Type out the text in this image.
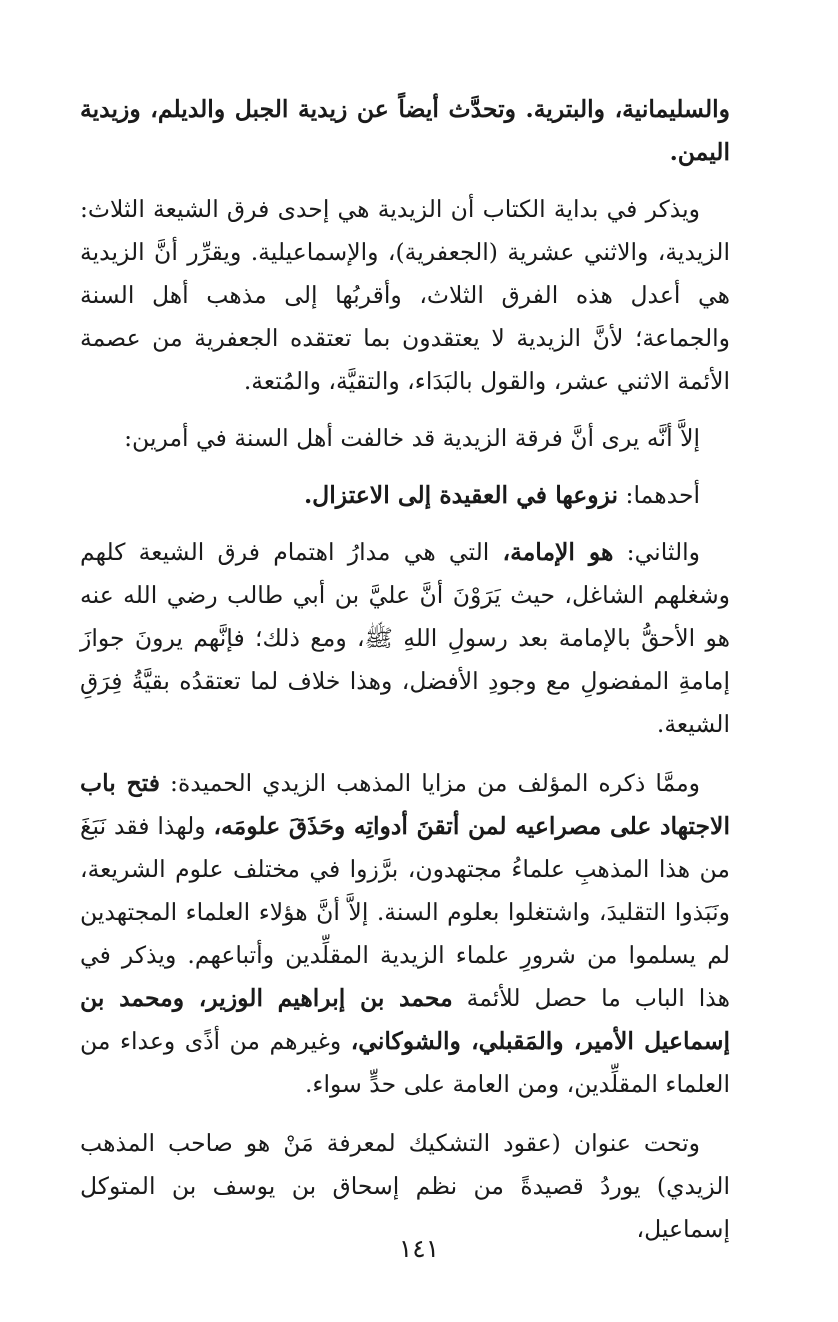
والسليمانية، والبترية. وتحدَّث أيضاً عن زيدية الجبل والديلم، وزيدية اليمن.

ويذكر في بداية الكتاب أن الزيدية هي إحدى فرق الشيعة الثلاث: الزيدية، والاثني عشرية (الجعفرية)، والإسماعيلية. ويقرِّر أنَّ الزيدية هي أعدل هذه الفرق الثلاث، وأقربُها إلى مذهب أهل السنة والجماعة؛ لأنَّ الزيدية لا يعتقدون بما تعتقده الجعفرية من عصمة الأئمة الاثني عشر، والقول بالبَدَاء، والتقيَّة، والمُتعة.

إلاَّ أنَّه يرى أنَّ فرقة الزيدية قد خالفت أهل السنة في أمرين:

أحدهما: نزوعها في العقيدة إلى الاعتزال.

والثاني: هو الإمامة، التي هي مدارُ اهتمام فرق الشيعة كلهم وشغلهم الشاغل، حيث يَرَوْنَ أنَّ عليَّ بن أبي طالب رضي الله عنه هو الأحقُّ بالإمامة بعد رسولِ اللهِ ﷺ، ومع ذلك؛ فإنَّهم يرونَ جوازَ إمامةِ المفضولِ مع وجودِ الأفضل، وهذا خلاف لما تعتقدُه بقيَّةُ فِرَقِ الشيعة.

وممَّا ذكره المؤلف من مزايا المذهب الزيدي الحميدة: فتح باب الاجتهاد على مصراعيه لمن أتقنَ أدواتِه وحَذَقَ علومَه، ولهذا فقد نَبَغَ من هذا المذهبِ علماءُ مجتهدون، برَّزوا في مختلف علوم الشريعة، ونَبَذوا التقليدَ، واشتغلوا بعلوم السنة. إلاَّ أنَّ هؤلاء العلماء المجتهدين لم يسلموا من شرورِ علماء الزيدية المقلِّدين وأتباعهم. ويذكر في هذا الباب ما حصل للأئمة محمد بن إبراهيم الوزير، ومحمد بن إسماعيل الأمير، والمَقبلي، والشوكاني، وغيرهم من أذًى وعداء من العلماء المقلِّدين، ومن العامة على حدٍّ سواء.

وتحت عنوان (عقود التشكيك لمعرفة مَنْ هو صاحب المذهب الزيدي) يوردُ قصيدةً من نظم إسحاق بن يوسف بن المتوكل إسماعيل،

١٤١
